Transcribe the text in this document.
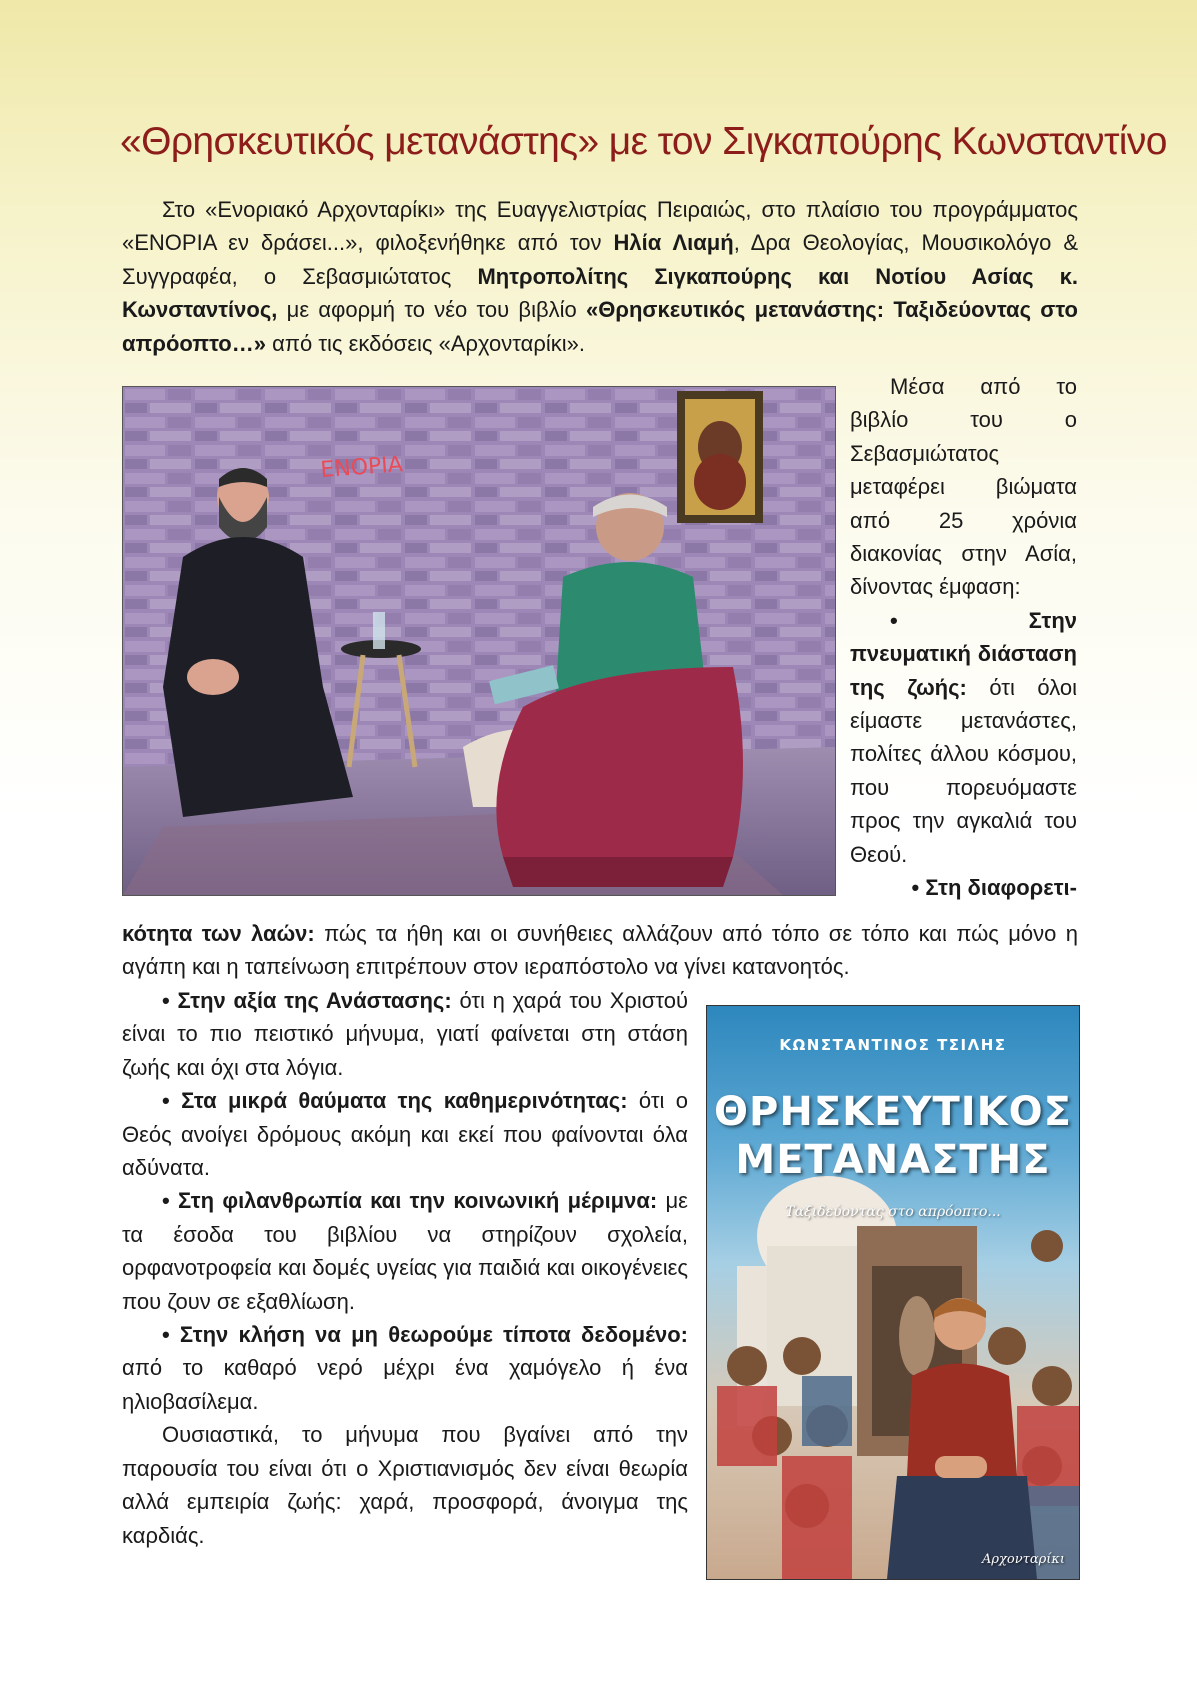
«Θρησκευτικός μετανάστης» με τον Σιγκαπούρης Κωνσταντίνο

Στο «Ενοριακό Αρχονταρίκι» της Ευαγγελιστρίας Πειραιώς, στο πλαίσιο του προγράμματος «ΕΝΟΡΙΑ εν δράσει...», φιλοξενήθηκε από τον Ηλία Λιαμή, Δρα Θεολογίας, Μουσικολόγο & Συγγραφέα, ο Σεβασμιώτατος Μητροπολίτης Σιγκαπούρης και Νοτίου Ασίας κ. Κωνσταντίνος, με αφορμή το νέο του βιβλίο «Θρησκευτικός μετανάστης: Ταξιδεύοντας στο απρόοπτο…» από τις εκδόσεις «Αρχονταρίκι».

ΕΝΟΡΙΑ

Μέσα από το βιβλίο του ο Σεβασμιώτατος μεταφέρει βιώματα από 25 χρόνια διακονίας στην Ασία, δίνοντας έμφαση:

• Στην πνευματική διάσταση της ζωής: ότι όλοι είμαστε μετανάστες, πολίτες άλλου κόσμου, που πορευόμαστε προς την αγκαλιά του Θεού.

• Στη διαφορετι-

κότητα των λαών: πώς τα ήθη και οι συνήθειες αλλάζουν από τόπο σε τόπο και πώς μόνο η αγάπη και η ταπείνωση επιτρέπουν στον ιεραπόστολο να γίνει κατανοητός.

• Στην αξία της Ανάστασης: ότι η χαρά του Χριστού είναι το πιο πειστικό μήνυμα, γιατί φαίνεται στη στάση ζωής και όχι στα λόγια.

• Στα μικρά θαύματα της καθημερινότητας: ότι ο Θεός ανοίγει δρόμους ακόμη και εκεί που φαίνονται όλα αδύνατα.

• Στη φιλανθρωπία και την κοινωνική μέριμνα: με τα έσοδα του βιβλίου να στηρίζουν σχολεία, ορφανοτροφεία και δομές υγείας για παιδιά και οικογένειες που ζουν σε εξαθλίωση.

• Στην κλήση να μη θεωρούμε τίποτα δεδομένο: από το καθαρό νερό μέχρι ένα χαμόγελο ή ένα ηλιοβασίλεμα.

Ουσιαστικά, το μήνυμα που βγαίνει από την παρουσία του είναι ότι ο Χριστιανισμός δεν είναι θεωρία αλλά εμπειρία ζωής: χαρά, προσφορά, άνοιγμα της καρδιάς.

ΚΩΝΣΤΑΝΤΙΝΟΣ ΤΣΙΛΗΣ
ΘΡΗΣΚΕΥΤΙΚΟΣ
ΜΕΤΑΝΑΣΤΗΣ
Ταξιδεύοντας στο απρόοπτο...
Αρχονταρίκι
